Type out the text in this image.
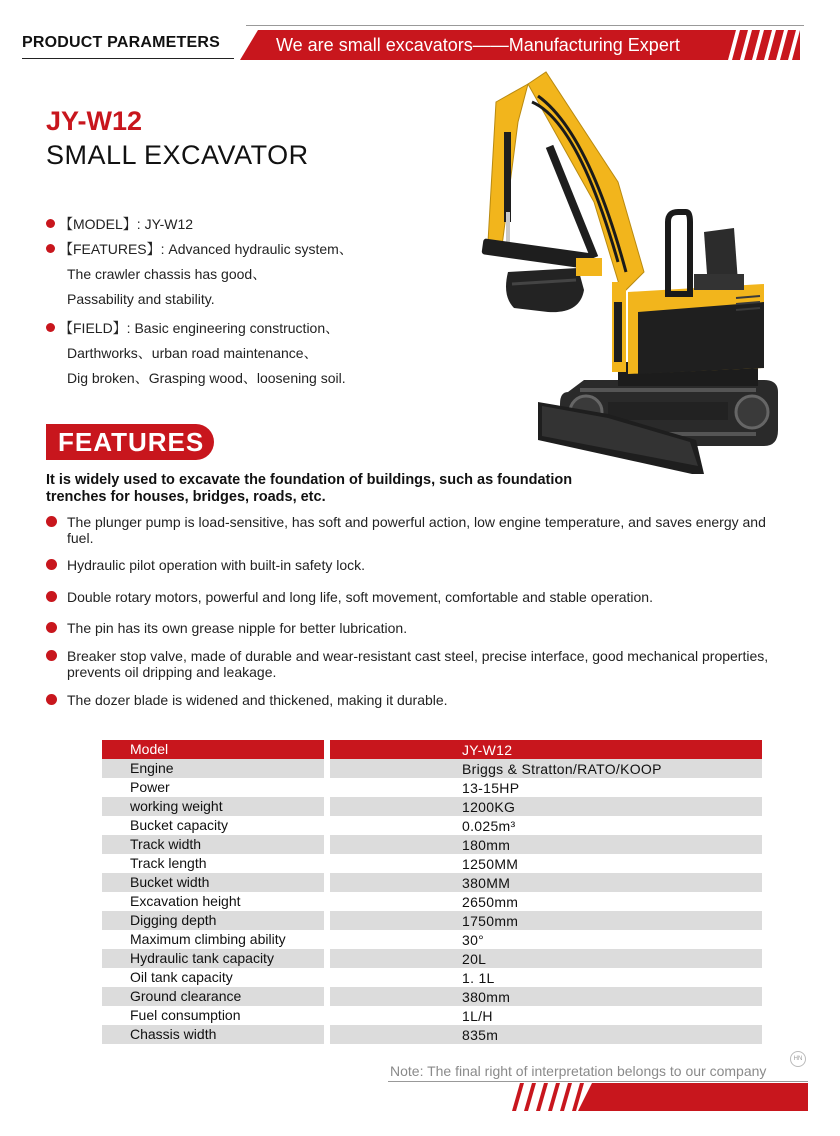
PRODUCT PARAMETERS	We are small excavators——Manufacturing Expert
JY-W12
SMALL EXCAVATOR
【MODEL】: JY-W12
【FEATURES】: Advanced hydraulic system、
The crawler chassis has good、
Passability and stability.
【FIELD】: Basic engineering construction、
Darthworks、urban road maintenance、
Dig broken、Grasping wood、loosening soil.
FEATURES
It is widely used to excavate the foundation of buildings, such as foundation trenches for houses, bridges, roads, etc.
The plunger pump is load-sensitive, has soft and powerful action, low engine temperature, and saves energy and fuel.
Hydraulic pilot operation with built-in safety lock.
Double rotary motors, powerful and long life, soft movement, comfortable and stable operation.
The pin has its own grease nipple for better lubrication.
Breaker stop valve, made of durable and wear-resistant cast steel, precise interface, good mechanical properties, prevents oil dripping and leakage.
The dozer blade is widened and thickened, making it durable.
Model	JY-W12
Engine	Briggs & Stratton/RATO/KOOP
Power	13-15HP
working weight	1200KG
Bucket capacity	0.025m³
Track width	180mm
Track length	1250MM
Bucket width	380MM
Excavation height	2650mm
Digging depth	1750mm
Maximum climbing ability	30°
Hydraulic tank capacity	20L
Oil tank capacity	1. 1L
Ground clearance	380mm
Fuel consumption	1L/H
Chassis width	835m
HN
Note: The final right of interpretation belongs to our company
